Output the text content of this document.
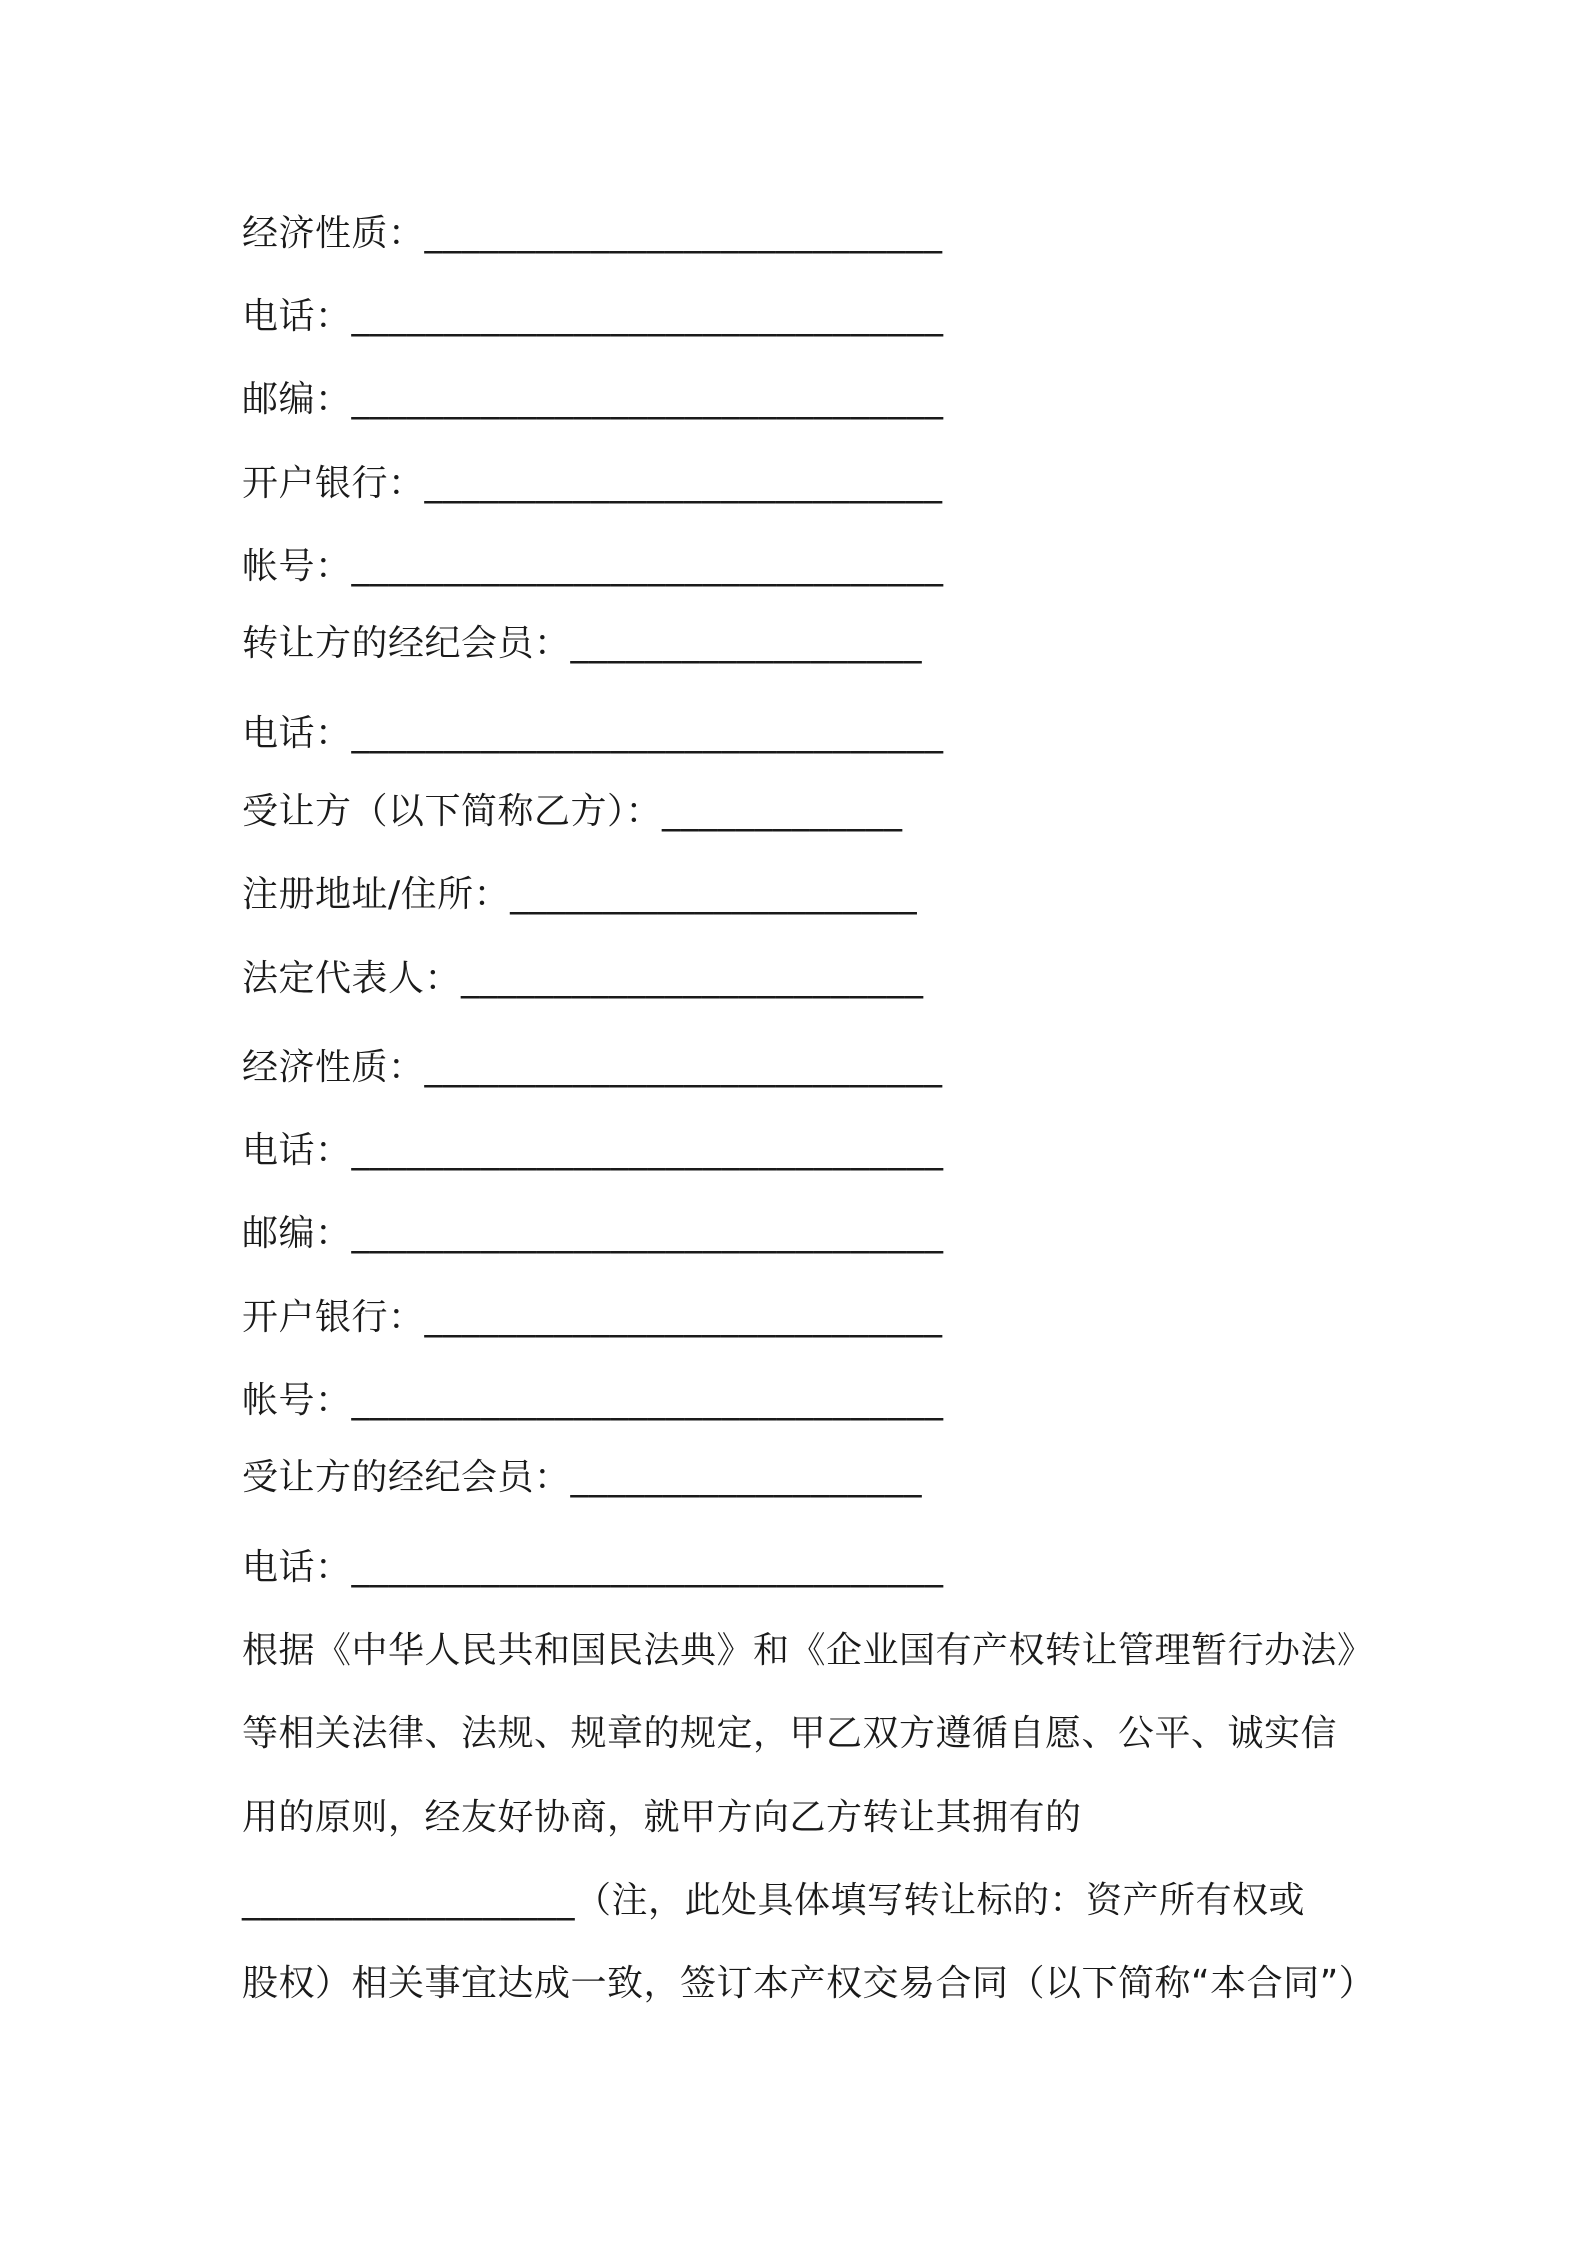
经济性质：____________________________
电话：________________________________
邮编：________________________________
开户银行：____________________________
帐号：________________________________
转让方的经纪会员：___________________
电话：________________________________
受让方（以下简称乙方）：_____________
注册地址/住所：______________________
法定代表人：_________________________
经济性质：____________________________
电话：________________________________
邮编：________________________________
开户银行：____________________________
帐号：________________________________
受让方的经纪会员：___________________
电话：________________________________
根据《中华人民共和国民法典》和《企业国有产权转让管理暂行办法》
等相关法律、法规、规章的规定，甲乙双方遵循自愿、公平、诚实信
用的原则，经友好协商，就甲方向乙方转让其拥有的
__________________（注，此处具体填写转让标的：资产所有权或
股权）相关事宜达成一致，签订本产权交易合同（以下简称“本合同”）
